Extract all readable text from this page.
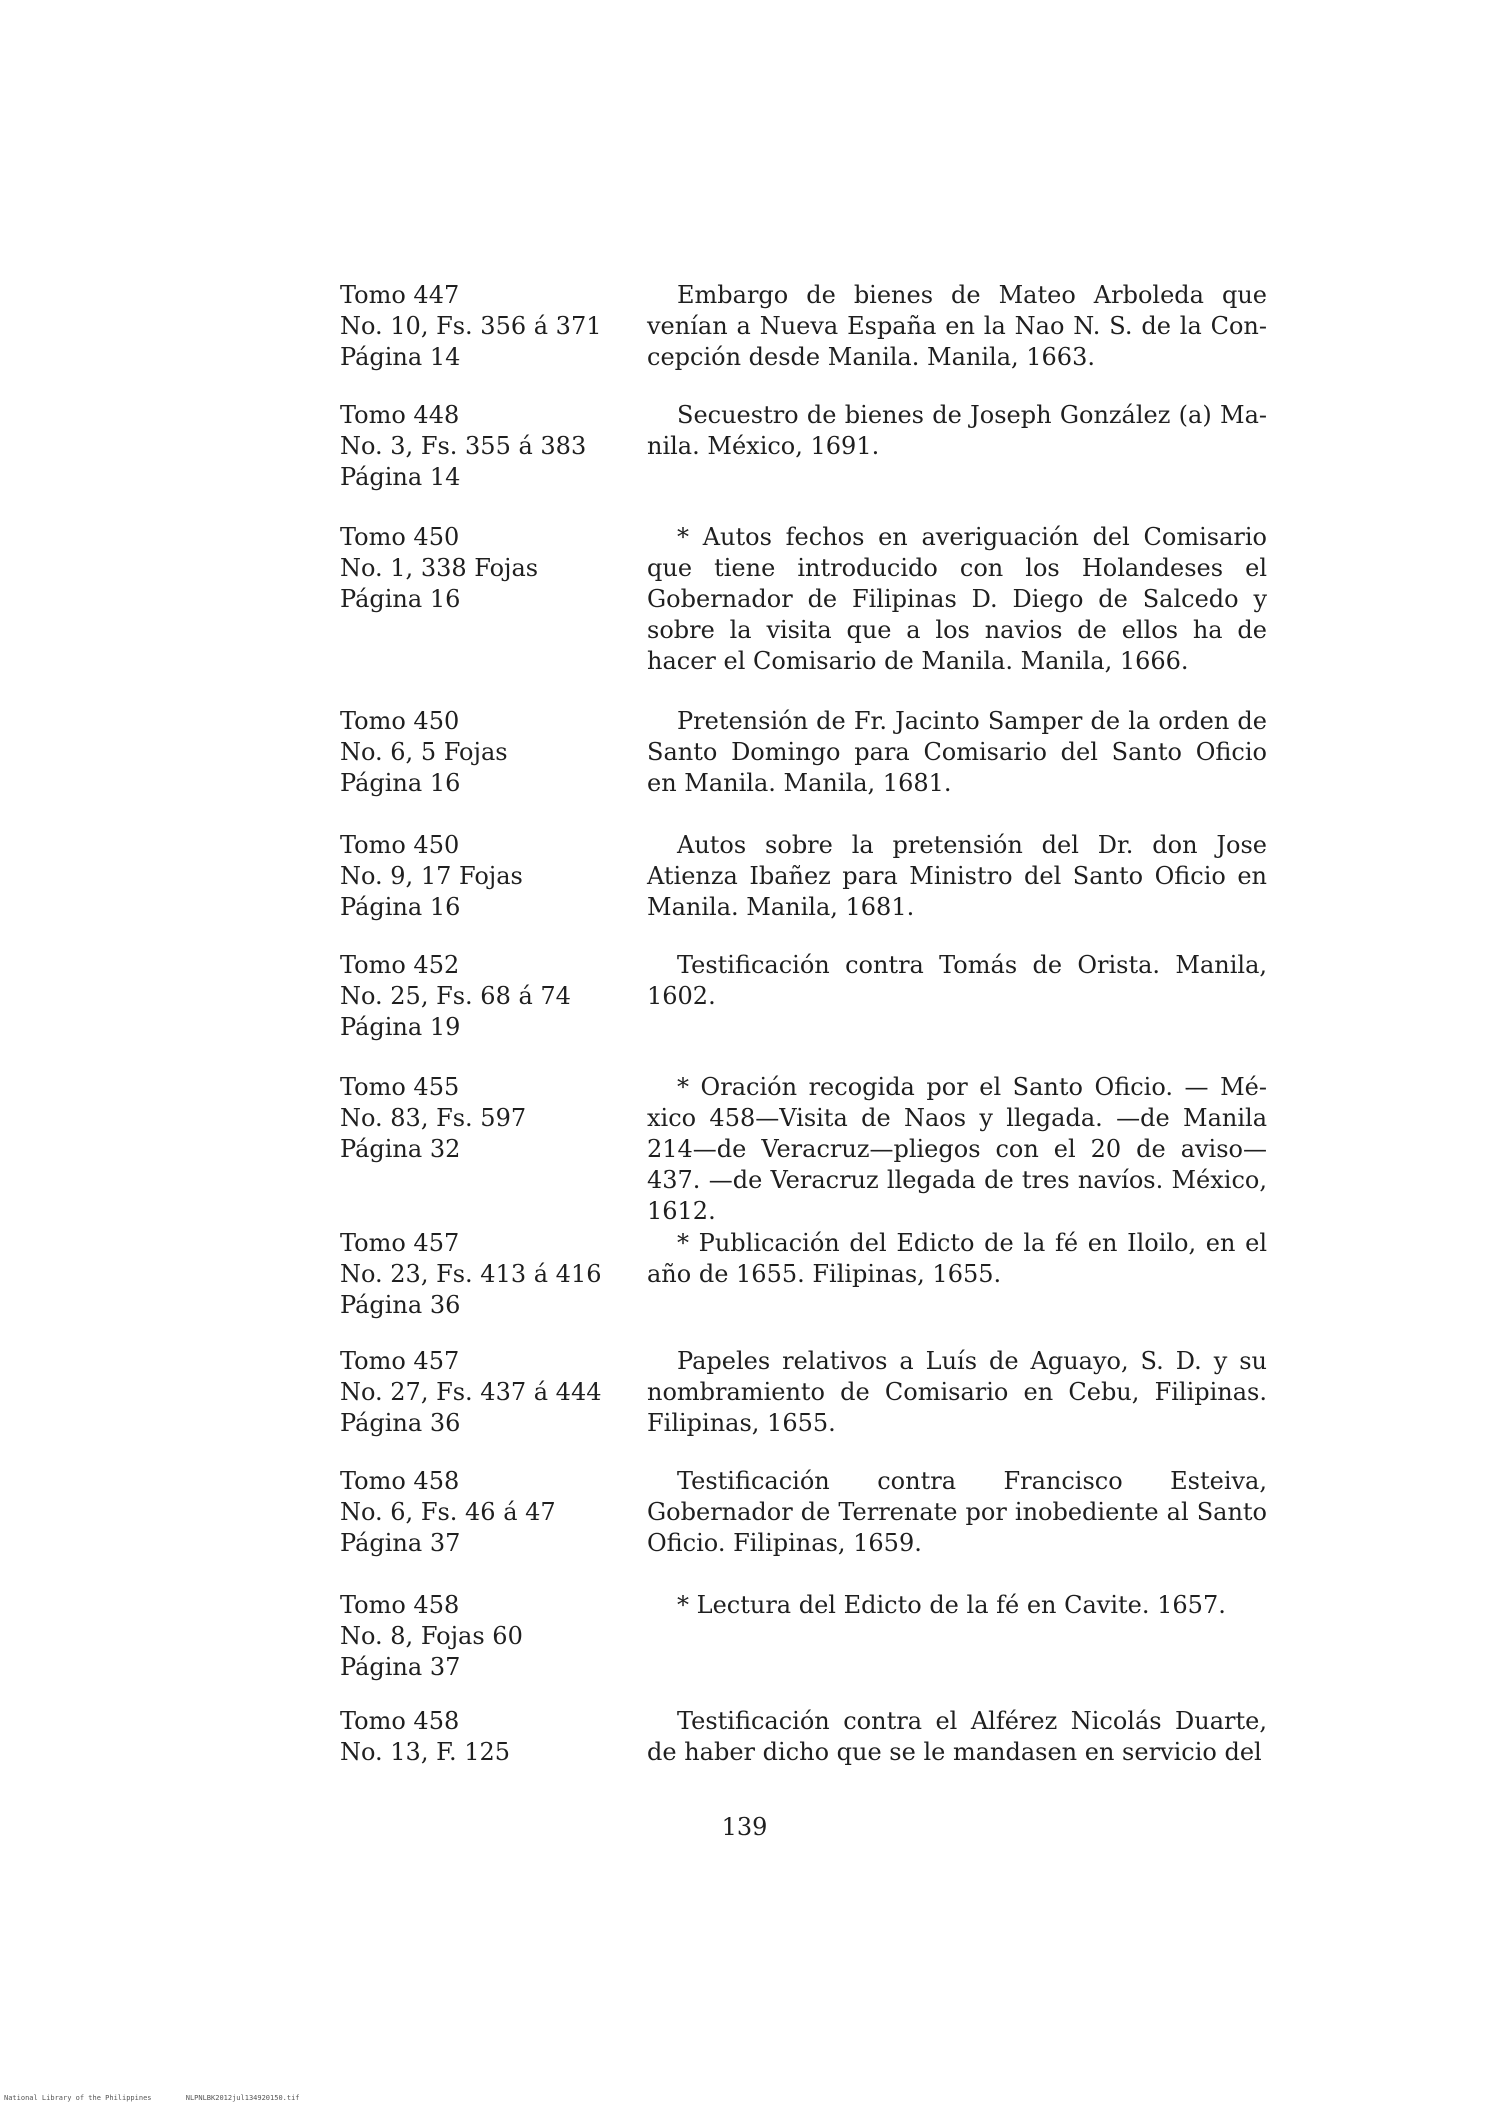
Tomo 447
No. 10, Fs. 356 á 371
Página 14
Embargo de bienes de Mateo Arboleda que venían a Nueva España en la Nao N. S. de la Concepción desde Manila. Manila, 1663.
Tomo 448
No. 3, Fs. 355 á 383
Página 14
Secuestro de bienes de Joseph González (a) Manila. México, 1691.
Tomo 450
No. 1, 338 Fojas
Página 16
* Autos fechos en averiguación del Comisario que tiene introducido con los Holandeses el Gobernador de Filipinas D. Diego de Salcedo y sobre la visita que a los navios de ellos ha de hacer el Comisario de Manila. Manila, 1666.
Tomo 450
No. 6, 5 Fojas
Página 16
Pretensión de Fr. Jacinto Samper de la orden de Santo Domingo para Comisario del Santo Oficio en Manila. Manila, 1681.
Tomo 450
No. 9, 17 Fojas
Página 16
Autos sobre la pretensión del Dr. don Jose Atienza Ibañez para Ministro del Santo Oficio en Manila. Manila, 1681.
Tomo 452
No. 25, Fs. 68 á 74
Página 19
Testificación contra Tomás de Orista. Manila, 1602.
Tomo 455
No. 83, Fs. 597
Página 32
* Oración recogida por el Santo Oficio. — México 458—Visita de Naos y llegada. —de Manila 214—de Veracruz—pliegos con el 20 de aviso—437. —de Veracruz llegada de tres navíos. México, 1612.
Tomo 457
No. 23, Fs. 413 á 416
Página 36
* Publicación del Edicto de la fé en Iloilo, en el año de 1655. Filipinas, 1655.
Tomo 457
No. 27, Fs. 437 á 444
Página 36
Papeles relativos a Luís de Aguayo, S. D. y su nombramiento de Comisario en Cebu, Filipinas. Filipinas, 1655.
Tomo 458
No. 6, Fs. 46 á 47
Página 37
Testificación contra Francisco Esteiva, Gobernador de Terrenate por inobediente al Santo Oficio. Filipinas, 1659.
Tomo 458
No. 8, Fojas 60
Página 37
* Lectura del Edicto de la fé en Cavite. 1657.
Tomo 458
No. 13, F. 125
Testificación contra el Alférez Nicolás Duarte, de haber dicho que se le mandasen en servicio del
139
National Library of the Philippines	NLPNLBK2012jul134920150.tif
